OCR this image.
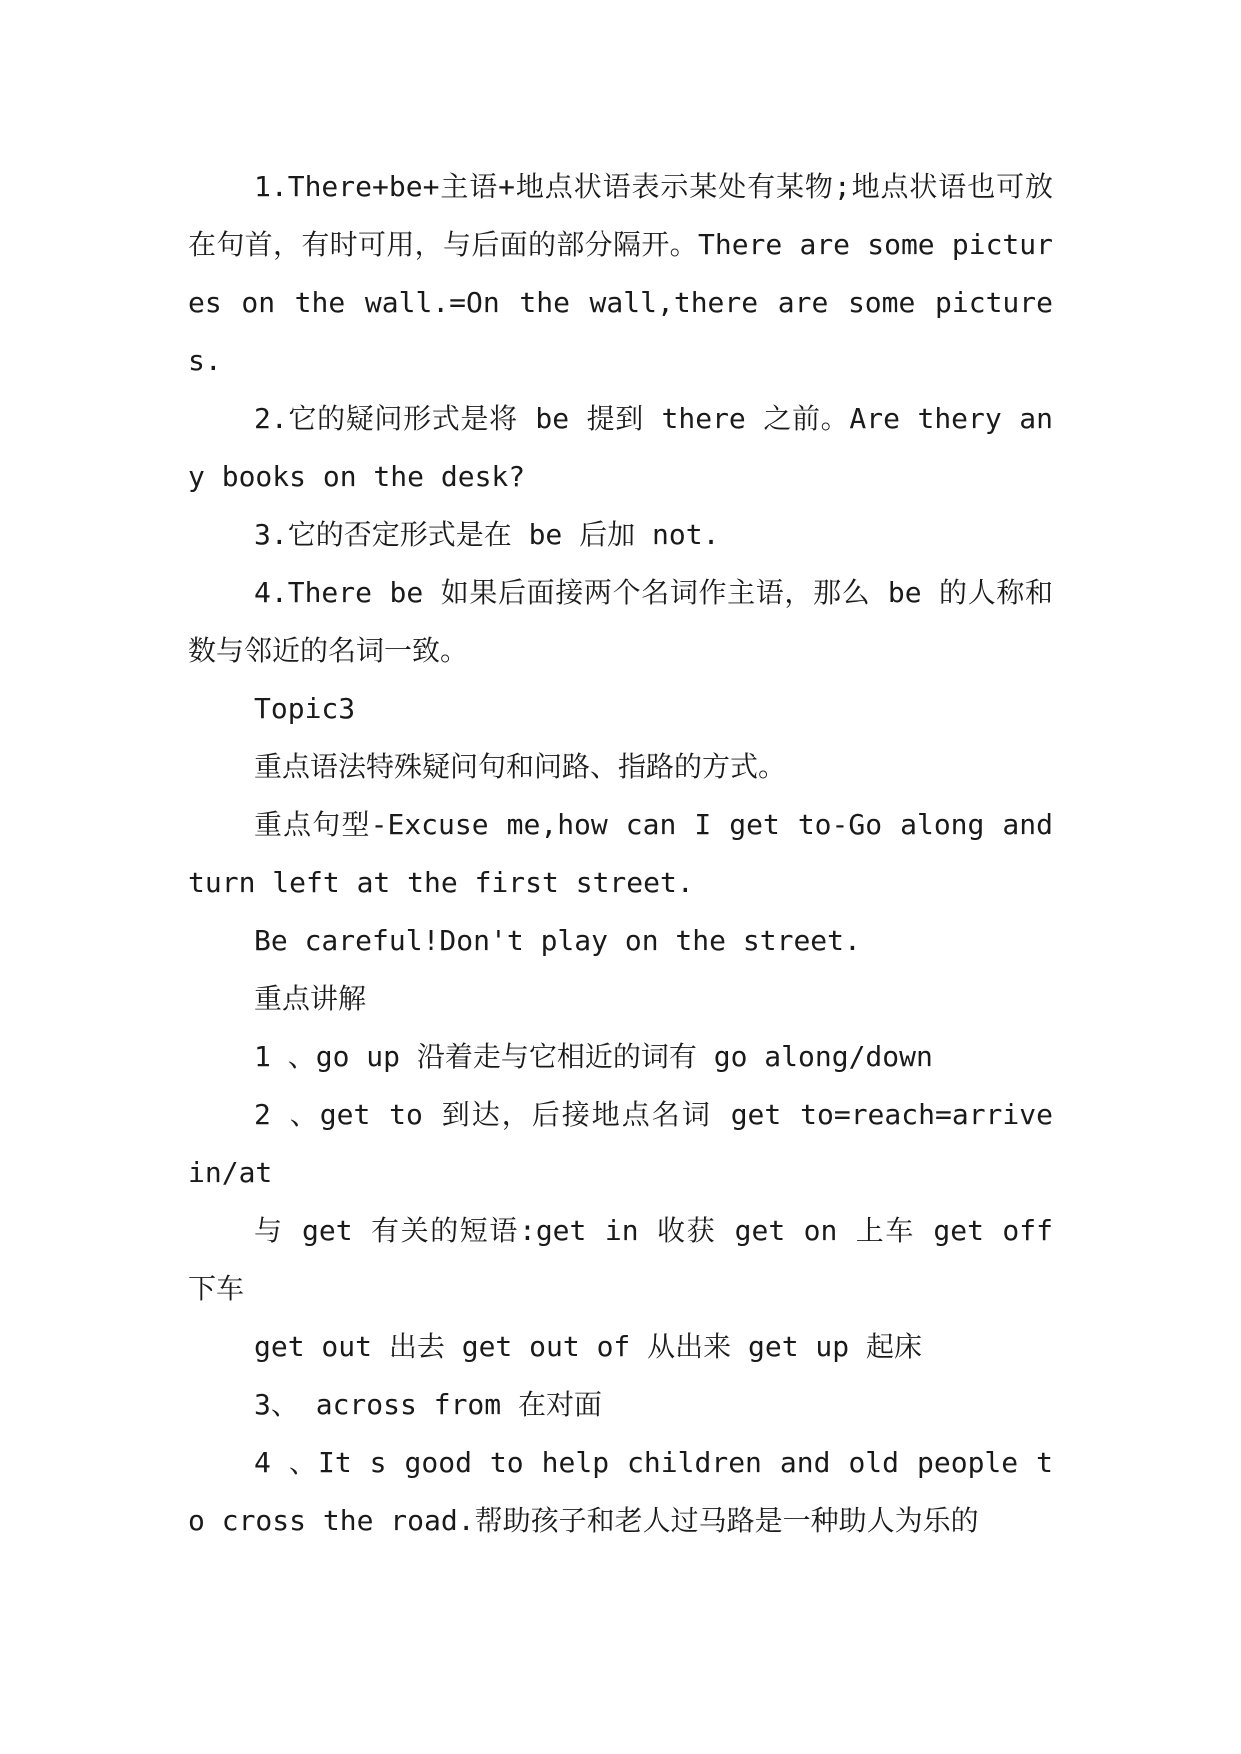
1.There+be+主语+地点状语表示某处有某物;地点状语也可放在句首，有时可用，与后面的部分隔开。There are some pictures on the wall.=On the wall,there are some pictures.

2.它的疑问形式是将 be 提到 there 之前。Are thery any books on the desk?

3.它的否定形式是在 be 后加 not.

4.There be 如果后面接两个名词作主语，那么 be 的人称和数与邻近的名词一致。

Topic3

重点语法特殊疑问句和问路、指路的方式。

重点句型-Excuse me,how can I get to-Go along and turn left at the first street.

Be careful!Don't play on the street.

重点讲解

1 、go up 沿着走与它相近的词有 go along/down

2 、get to 到达，后接地点名词 get to=reach=arrive in/at

与 get 有关的短语:get in 收获 get on 上车 get off 下车

get out 出去 get out of 从出来 get up 起床

3、 across from 在对面

4 、It s good to help children and old people to cross the road.帮助孩子和老人过马路是一种助人为乐的
